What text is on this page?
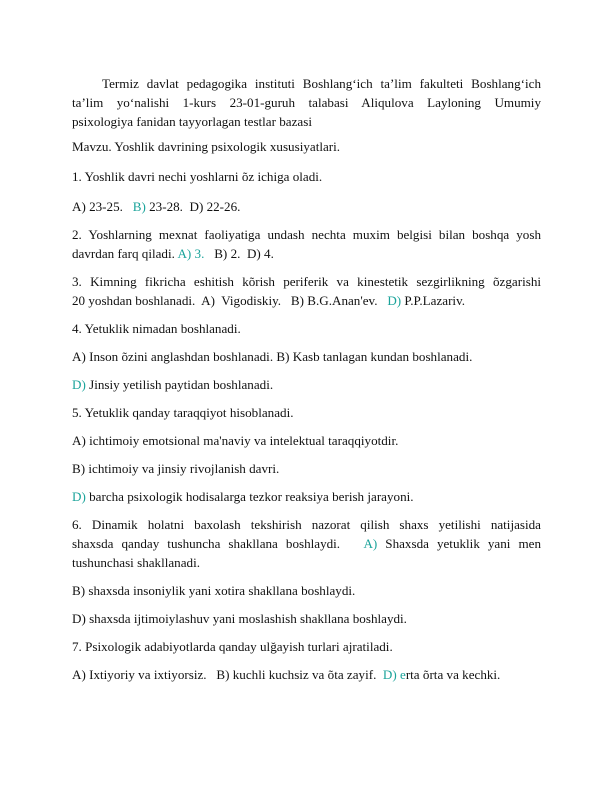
Termiz davlat pedagogika instituti Boshlang‘ich ta’lim fakulteti Boshlang‘ich

ta’lim yo‘nalishi 1-kurs 23-01-guruh talabasi Aliqulova Layloning Umumiy

psixologiya fanidan tayyorlagan testlar bazasi

Mavzu. Yoshlik davrining psixologik xususiyatlari.
1. Yoshlik davri nechi yoshlarni õz ichiga oladi.
A) 23-25. B) 23-28. D) 22-26.

2. Yoshlarning mexnat faoliyatiga undash nechta muxim belgisi bilan boshqa yosh

davrdan farq qiladi. A) 3. B) 2. D) 4.

3. Kimning fikricha eshitish kõrish periferik va kinestetik sezgirlikning õzgarishi

20 yoshdan boshlanadi.  A)  Vigodiskiy.   B) B.G.Anan'ev.   D) P.P.Lazariv.

4. Yetuklik nimadan boshlanadi.
A) Inson õzini anglashdan boshlanadi. B) Kasb tanlagan kundan boshlanadi.
D) Jinsiy yetilish paytidan boshlanadi.
5. Yetuklik qanday taraqqiyot hisoblanadi.
A) ichtimoiy emotsional ma'naviy va intelektual taraqqiyotdir.
B) ichtimoiy va jinsiy rivojlanish davri.
D) barcha psixologik hodisalarga tezkor reaksiya berish jarayoni.

6. Dinamik holatni baxolash tekshirish nazorat qilish shaxs yetilishi natijasida

shaxsda qanday tushuncha shakllana boshlaydi.   A) Shaxsda yetuklik yani men

tushunchasi shakllanadi.

B) shaxsda insoniylik yani xotira shakllana boshlaydi.
D) shaxsda ijtimoiylashuv yani moslashish shakllana boshlaydi.
7. Psixologik adabiyotlarda qanday ulğayish turlari ajratiladi.
A) Ixtiyoriy va ixtiyorsiz.   B) kuchli kuchsiz va õta zayif.  D) erta õrta va kechki.
